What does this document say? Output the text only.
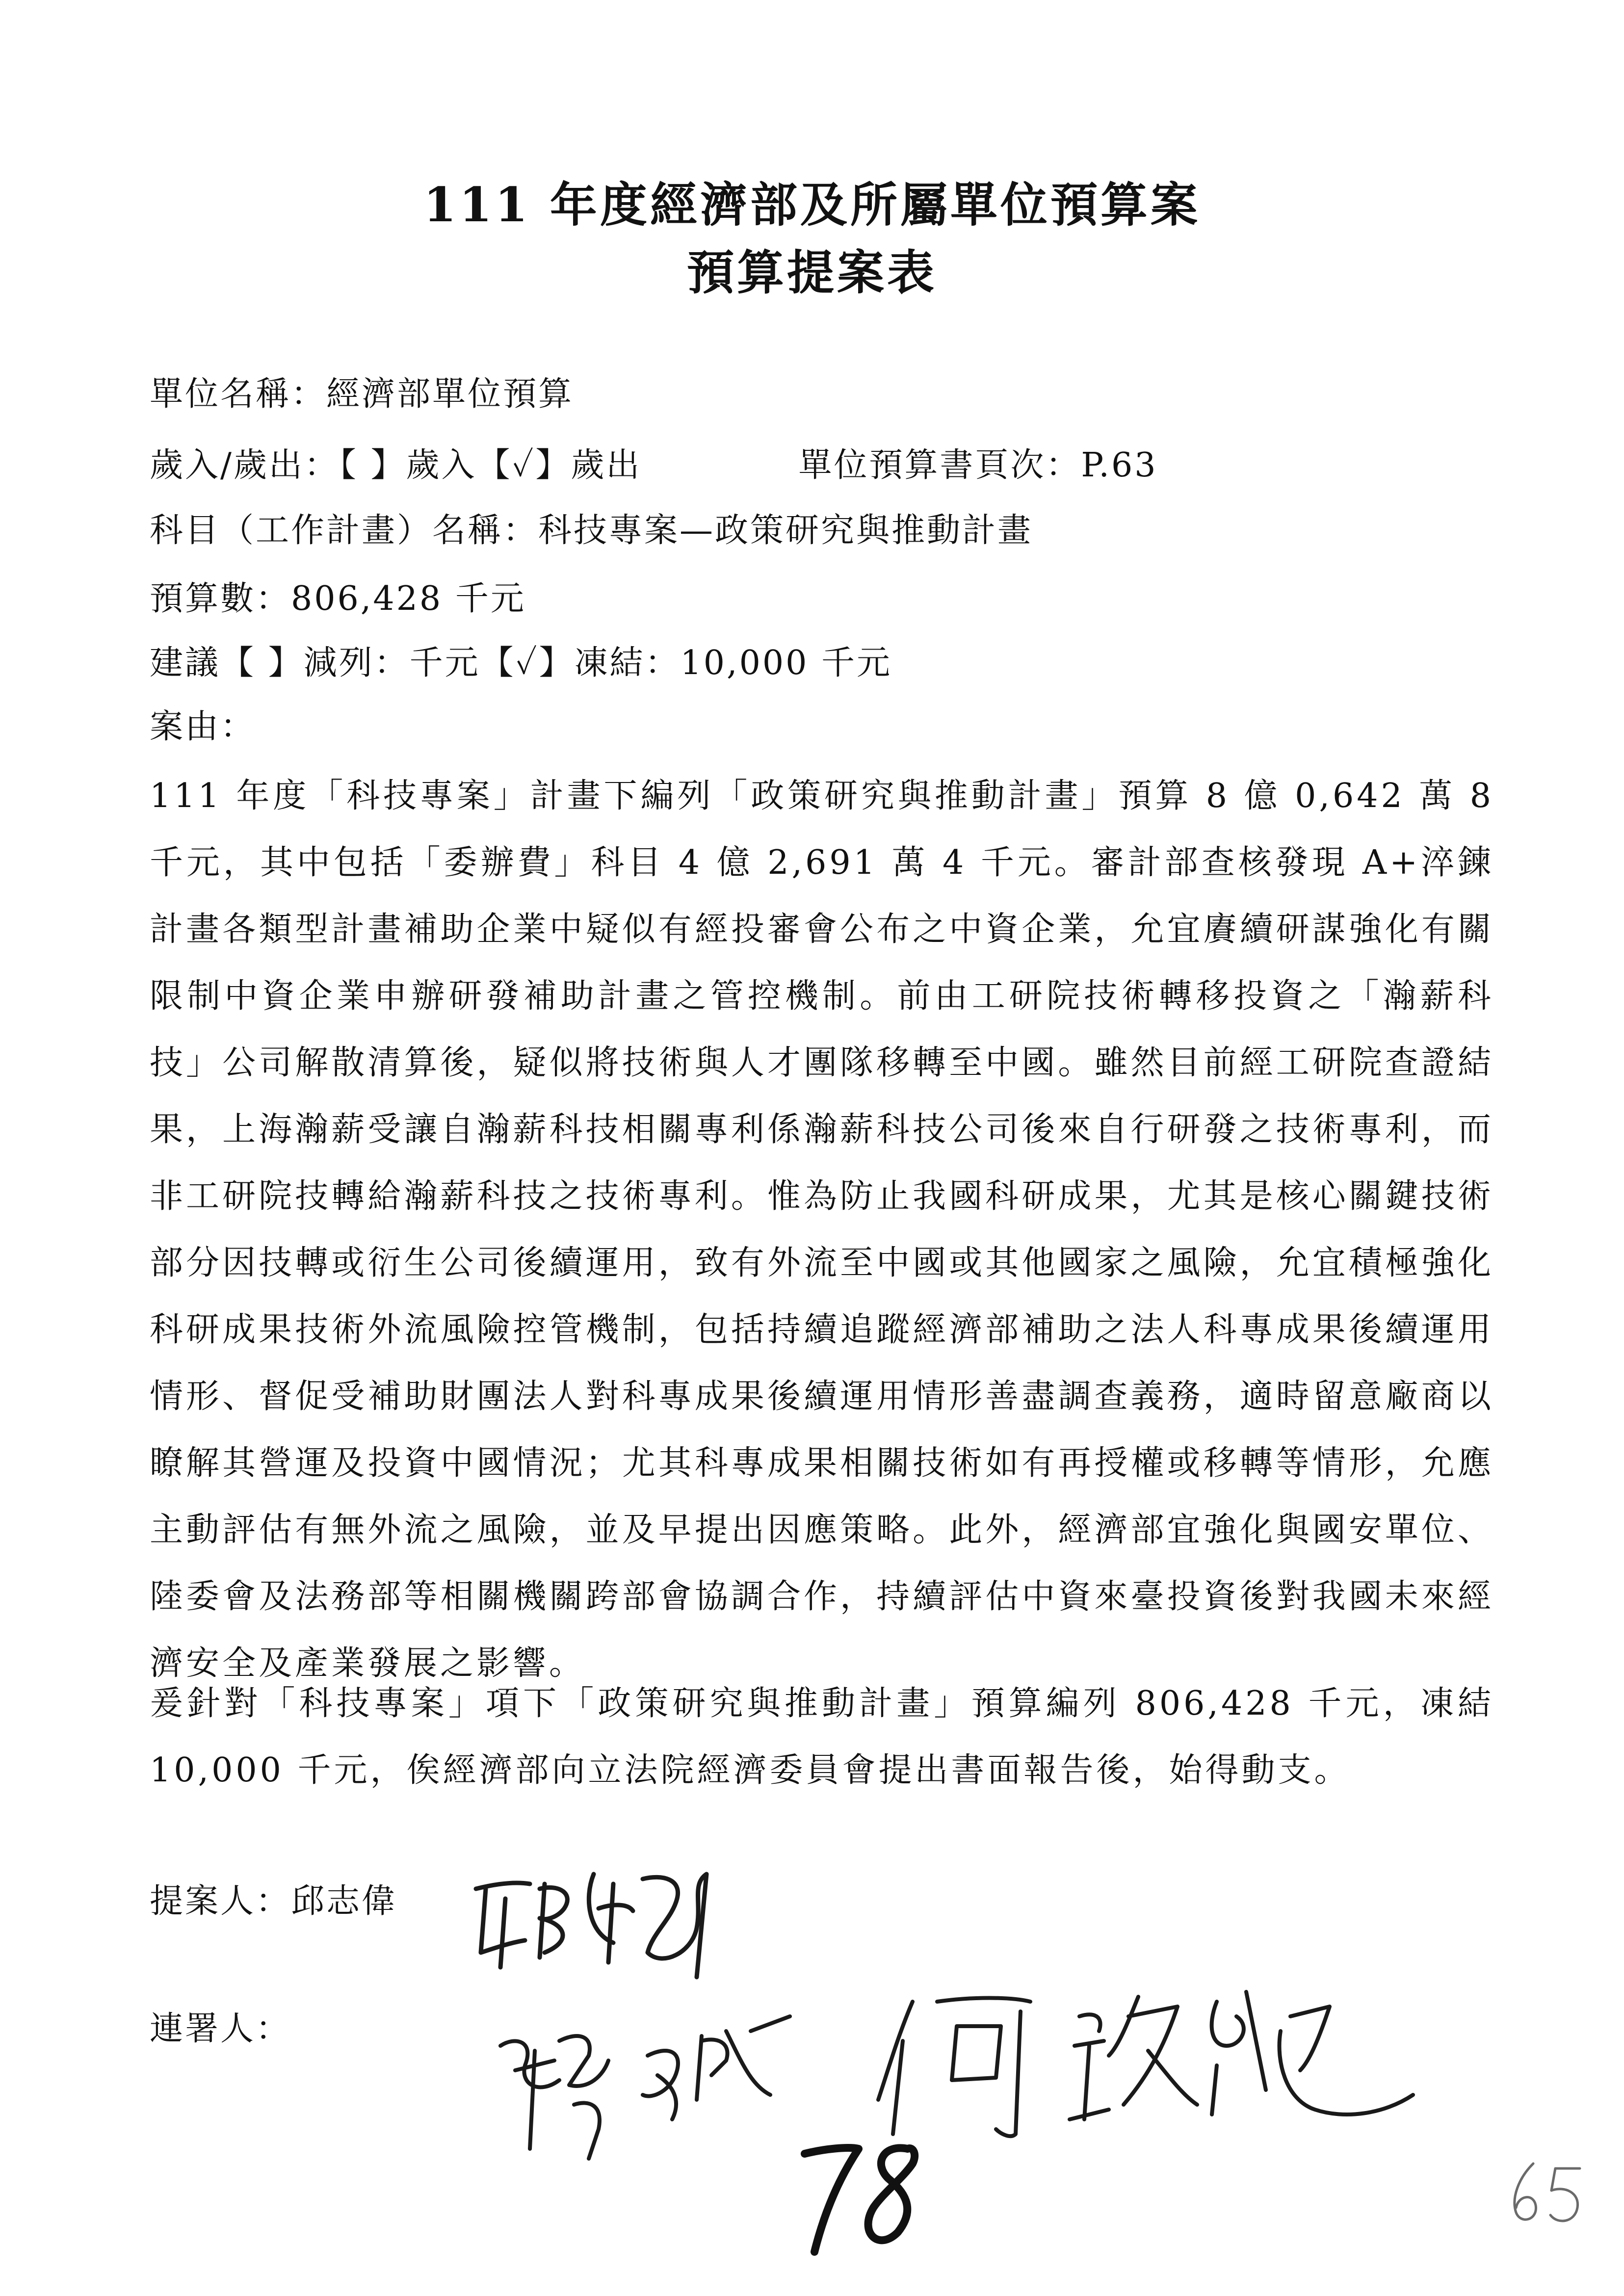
111 年度經濟部及所屬單位預算案
預算提案表
單位名稱：經濟部單位預算
歲入/歲出：【 】歲入【✓】歲出	單位預算書頁次：P.63
科目（工作計畫）名稱：科技專案—政策研究與推動計畫
預算數：806,428 千元
建議【 】減列：千元【✓】凍結：10,000 千元
案由：
111 年度「科技專案」計畫下編列「政策研究與推動計畫」預算 8 億 0,642 萬 8 千元，其中包括「委辦費」科目 4 億 2,691 萬 4 千元。審計部查核發現 A+淬鍊計畫各類型計畫補助企業中疑似有經投審會公布之中資企業，允宜賡續研謀強化有關限制中資企業申辦研發補助計畫之管控機制。前由工研院技術轉移投資之「瀚薪科技」公司解散清算後，疑似將技術與人才團隊移轉至中國。雖然目前經工研院查證結果，上海瀚薪受讓自瀚薪科技相關專利係瀚薪科技公司後來自行研發之技術專利，而非工研院技轉給瀚薪科技之技術專利。惟為防止我國科研成果，尤其是核心關鍵技術部分因技轉或衍生公司後續運用，致有外流至中國或其他國家之風險，允宜積極強化科研成果技術外流風險控管機制，包括持續追蹤經濟部補助之法人科專成果後續運用情形、督促受補助財團法人對科專成果後續運用情形善盡調查義務，適時留意廠商以瞭解其營運及投資中國情況；尤其科專成果相關技術如有再授權或移轉等情形，允應主動評估有無外流之風險，並及早提出因應策略。此外，經濟部宜強化與國安單位、陸委會及法務部等相關機關跨部會協調合作，持續評估中資來臺投資後對我國未來經濟安全及產業發展之影響。
爰針對「科技專案」項下「政策研究與推動計畫」預算編列 806,428 千元，凍結10,000 千元，俟經濟部向立法院經濟委員會提出書面報告後，始得動支。
提案人：邱志偉
連署人：
